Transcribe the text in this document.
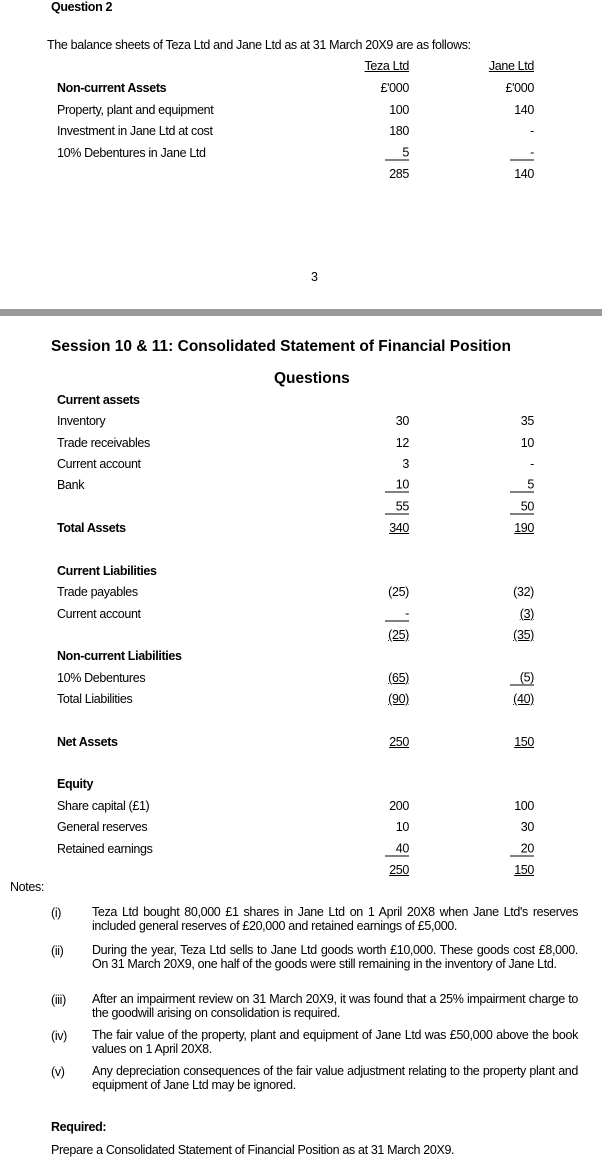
Question 2
The balance sheets of Teza Ltd and Jane Ltd as at 31 March 20X9 are as follows:
Teza Ltd	Jane Ltd
Non-current Assets	£'000	£'000
Property, plant and equipment	100	140
Investment in Jane Ltd at cost	180	-
10% Debentures in Jane Ltd	5	-
285	140
3
Session 10 & 11: Consolidated Statement of Financial Position
Questions
Current assets
Inventory	30	35
Trade receivables	12	10
Current account	3	-
Bank	10	5
55	50
Total Assets	340	190
Current Liabilities
Trade payables	(25)	(32)
Current account	-	(3)
(25)	(35)
Non-current Liabilities
10% Debentures	(65)	(5)
Total Liabilities	(90)	(40)
Net Assets	250	150
Equity
Share capital (£1)	200	100
General reserves	10	30
Retained earnings	40	20
250	150
Notes:
(i) Teza Ltd bought 80,000 £1 shares in Jane Ltd on 1 April 20X8 when Jane Ltd's reserves included general reserves of £20,000 and retained earnings of £5,000.
(ii) During the year, Teza Ltd sells to Jane Ltd goods worth £10,000. These goods cost £8,000. On 31 March 20X9, one half of the goods were still remaining in the inventory of Jane Ltd.
(iii) After an impairment review on 31 March 20X9, it was found that a 25% impairment charge to the goodwill arising on consolidation is required.
(iv) The fair value of the property, plant and equipment of Jane Ltd was £50,000 above the book values on 1 April 20X8.
(v) Any depreciation consequences of the fair value adjustment relating to the property plant and equipment of Jane Ltd may be ignored.
Required:
Prepare a Consolidated Statement of Financial Position as at 31 March 20X9.
